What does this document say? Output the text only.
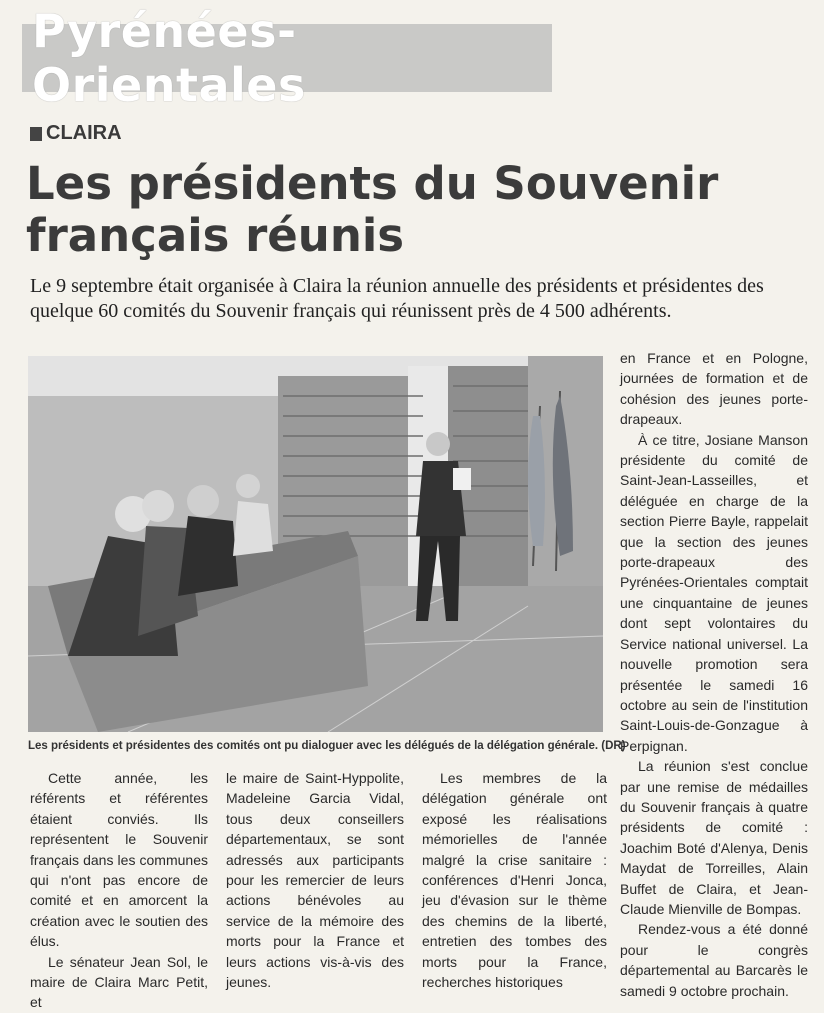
Pyrénées-Orientales
CLAIRA
Les présidents du Souvenir français réunis

Le 9 septembre était organisée à Claira la réunion annuelle des présidents et présidentes des quelque 60 comités du Souvenir français qui réunissent près de 4 500 adhérents.

Les présidents et présidentes des comités ont pu dialoguer avec les délégués de la délégation générale. (DR)

Cette année, les référents et référentes étaient conviés. Ils représentent le Souvenir français dans les communes qui n'ont pas encore de comité et en amorcent la création avec le soutien des élus.

Le sénateur Jean Sol, le maire de Claira Marc Petit, et

le maire de Saint-Hyppolite, Madeleine Garcia Vidal, tous deux conseillers départementaux, se sont adressés aux participants pour les remercier de leurs actions bénévoles au service de la mémoire des morts pour la France et leurs actions vis-à-vis des jeunes.

Les membres de la délégation générale ont exposé les réalisations mémorielles de l'année malgré la crise sanitaire : conférences d'Henri Jonca, jeu d'évasion sur le thème des chemins de la liberté, entretien des tombes des morts pour la France, recherches historiques

en France et en Pologne, journées de formation et de cohésion des jeunes porte-drapeaux.

À ce titre, Josiane Manson présidente du comité de Saint-Jean-Lasseilles, et déléguée en charge de la section Pierre Bayle, rappelait que la section des jeunes porte-drapeaux des Pyrénées-Orientales comptait une cinquantaine de jeunes dont sept volontaires du Service national universel. La nouvelle promotion sera présentée le samedi 16 octobre au sein de l'institution Saint-Louis-de-Gonzague à Perpignan.

La réunion s'est conclue par une remise de médailles du Souvenir français à quatre présidents de comité : Joachim Boté d'Alenya, Denis Maydat de Torreilles, Alain Buffet de Claira, et Jean-Claude Mienville de Bompas.

Rendez-vous a été donné pour le congrès départemental au Barcarès le samedi 9 octobre prochain.
